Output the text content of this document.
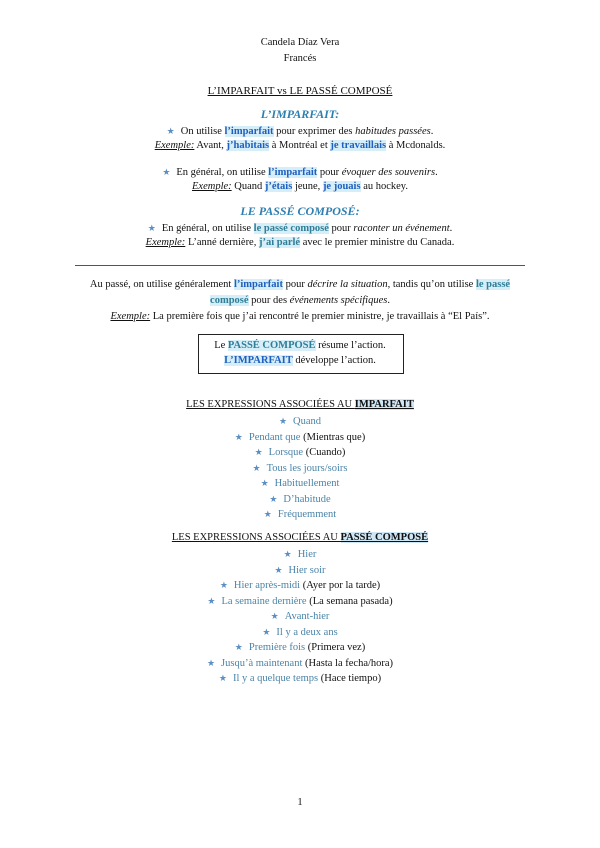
Candela Díaz Vera
Francés
L’IMPARFAIT vs LE PASSÉ COMPOSÉ
L’IMPARFAIT:
★ On utilise l’imparfait pour exprimer des habitudes passées.
Exemple: Avant, j’habitais à Montréal et je travaillais à Mcdonalds.
★ En général, on utilise l’imparfait pour évoquer des souvenirs.
Exemple: Quand j’étais jeune, je jouais au hockey.
LE PASSÉ COMPOSÉ:
★ En général, on utilise le passé composé pour raconter un événement.
Exemple: L’anné dernière, j’ai parlé avec le premier ministre du Canada.
Au passé, on utilise généralement l’imparfait pour décrire la situation, tandis qu’on utilise le passé
composé pour des événements spécifiques.
Exemple: La première fois que j’ai rencontré le premier ministre, je travaillais à “El País”.
Le PASSÉ COMPOSÉ résume l’action.
L’IMPARFAIT développe l’action.
LES EXPRESSIONS ASSOCIÉES AU IMPARFAIT
★ Quand
★ Pendant que (Mientras que)
★ Lorsque (Cuando)
★ Tous les jours/soirs
★ Habituellement
★ D’habitude
★ Fréquemment
LES EXPRESSIONS ASSOCIÉES AU PASSÉ COMPOSÉ
★ Hier
★ Hier soir
★ Hier après-midi (Ayer por la tarde)
★ La semaine dernière (La semana pasada)
★ Avant-hier
★ Il y a deux ans
★ Première fois (Primera vez)
★ Jusqu’à maintenant (Hasta la fecha/hora)
★ Il y a quelque temps (Hace tiempo)
1
